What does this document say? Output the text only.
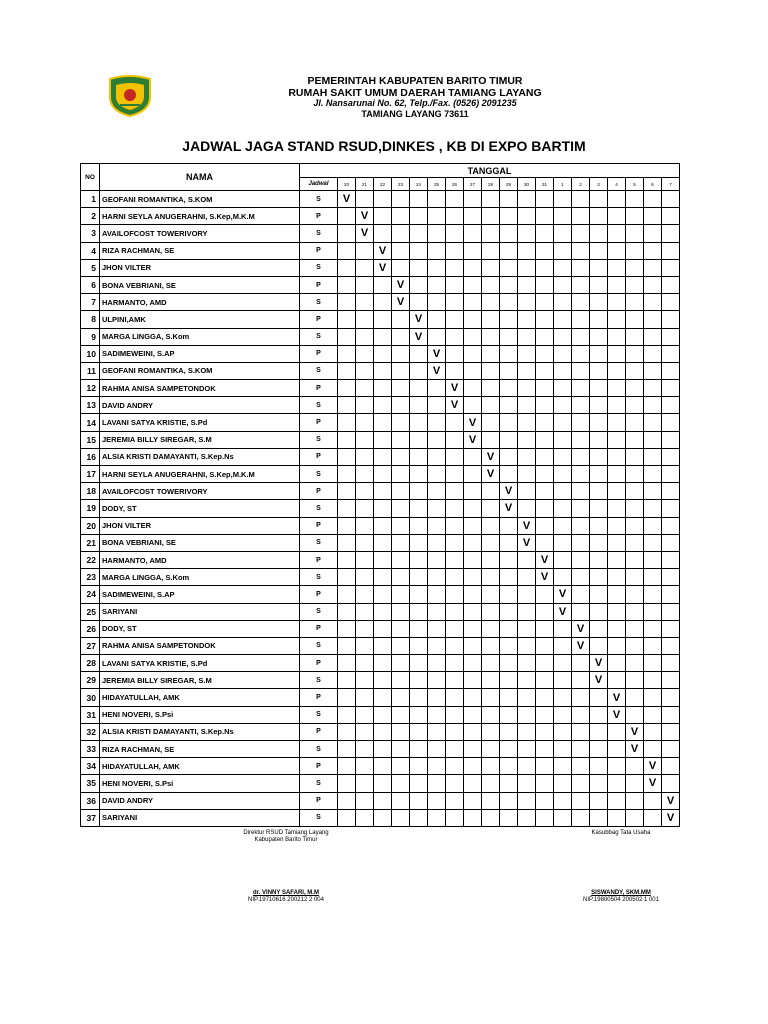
PEMERINTAH KABUPATEN BARITO TIMUR
RUMAH SAKIT UMUM DAERAH TAMIANG LAYANG
Jl. Nansarunai No. 62, Telp./Fax. (0526) 2091235
TAMIANG LAYANG 73611
JADWAL JAGA STAND RSUD,DINKES , KB DI EXPO BARTIM
NO	NAMA	TANGGAL																			
		Jadwal	20	21	22	23	24	25	26	27	28	29	30	31	1	2	3	4	5	6	7
1	GEOFANI ROMANTIKA, S.KOM	S	V																		
2	HARNI SEYLA ANUGERAHNI, S.Kep,M.K.M	P		V																	
3	AVAILOFCOST TOWERIVORY	S		V																	
4	RIZA RACHMAN, SE	P			V																
5	JHON VILTER	S			V																
6	BONA VEBRIANI, SE	P				V															
7	HARMANTO, AMD	S				V															
8	ULPINI,AMK	P					V														
9	MARGA LINGGA, S.Kom	S					V														
10	SADIMEWEINI, S.AP	P						V													
11	GEOFANI ROMANTIKA, S.KOM	S						V													
12	RAHMA ANISA SAMPETONDOK	P							V												
13	DAVID ANDRY	S							V												
14	LAVANI SATYA KRISTIE, S.Pd	P								V											
15	JEREMIA BILLY SIREGAR, S.M	S								V											
16	ALSIA KRISTI DAMAYANTI, S.Kep.Ns	P									V										
17	HARNI SEYLA ANUGERAHNI, S.Kep,M.K.M	S									V										
18	AVAILOFCOST TOWERIVORY	P										V									
19	DODY, ST	S										V									
20	JHON VILTER	P											V								
21	BONA VEBRIANI, SE	S											V								
22	HARMANTO, AMD	P												V							
23	MARGA LINGGA, S.Kom	S												V							
24	SADIMEWEINI, S.AP	P													V						
25	SARIYANI	S													V						
26	DODY, ST	P														V					
27	RAHMA ANISA SAMPETONDOK	S														V					
28	LAVANI SATYA KRISTIE, S.Pd	P															V				
29	JEREMIA BILLY SIREGAR, S.M	S															V				
30	HIDAYATULLAH, AMK	P																V			
31	HENI NOVERI, S.Psi	S																V			
32	ALSIA KRISTI DAMAYANTI, S.Kep.Ns	P																	V		
33	RIZA RACHMAN, SE	S																	V		
34	HIDAYATULLAH, AMK	P																		V	
35	HENI NOVERI, S.Psi	S																		V	
36	DAVID ANDRY	P																			V
37	SARIYANI	S																			V
Direktur RSUD Tamiang Layang
Kabupaten Barito Timur
dr. VINNY SAFARI, M.M
NIP.19710616 200212 2 004
Kasubbag Tata Usaha
SISWANDY, SKM.MM
NIP.19800504 200502 1 001
